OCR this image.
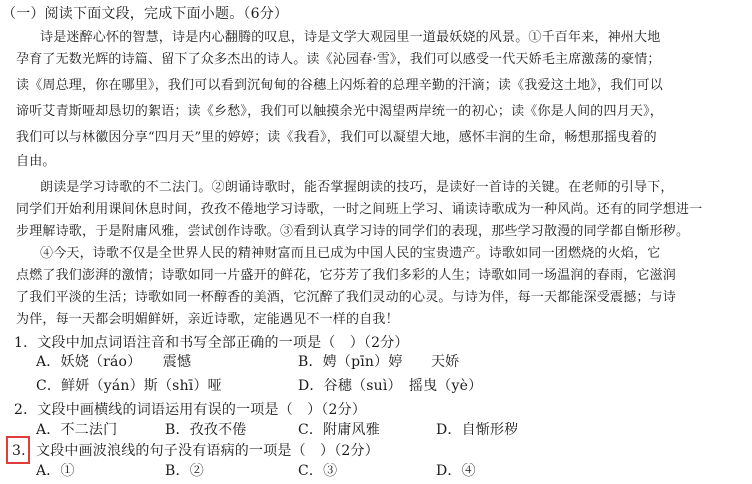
（一）阅读下面文段，完成下面小题。（6分）
诗是迷醉心怀的智慧，诗是内心翻腾的叹息，诗是文学大观园里一道最妖娆的风景。①千百年来，神州大地
孕育了无数光辉的诗篇、留下了众多杰出的诗人。读《沁园春·雪》，我们可以感受一代天娇毛主席激荡的豪情；
读《周总理，你在哪里》，我们可以看到沉甸甸的谷穗上闪烁着的总理辛勤的汗滴；读《我爱这土地》，我们可以
谛听艾青斯哑却恳切的絮语；读《乡愁》，我们可以触摸余光中渴望两岸统一的初心；读《你是人间的四月天》，
我们可以与林徽因分享“四月天”里的婷婷；读《我看》，我们可以凝望大地，感怀丰润的生命，畅想那摇曳着的
自由。
朗读是学习诗歌的不二法门。②朗诵诗歌时，能否掌握朗读的技巧，是读好一首诗的关键。在老师的引导下，
同学们开始利用课间休息时间，孜孜不倦地学习诗歌，一时之间班上学习、诵读诗歌成为一种风尚。还有的同学想进一
步理解诗歌，于是附庸风雅，尝试创作诗歌。③看到认真学习诗的同学们的表现，那些学习散漫的同学都自惭形秽。
④今天，诗歌不仅是全世界人民的精神财富而且已成为中国人民的宝贵遗产。诗歌如同一团燃烧的火焰，它
点燃了我们澎湃的激情；诗歌如同一片盛开的鲜花，它芬芳了我们多彩的人生；诗歌如同一场温润的春雨，它滋润
了我们平淡的生活；诗歌如同一杯醇香的美酒，它沉醉了我们灵动的心灵。与诗为伴，每一天都能深受震撼；与诗
为伴，每一天都会明媚鲜妍，亲近诗歌，定能遇见不一样的自我！
1．文段中加点词语注音和书写全部正确的一项是（　）（2分）
A．妖娆（ráo）　　震憾	B．娉（pīn）婷　　天娇
C．鲜妍（yán）斯（shī）哑	D．谷穗（suì）　摇曳（yè）
2．文段中画横线的词语运用有误的一项是（　）（2分）
A．不二法门	B．孜孜不倦	C．附庸风雅	D．自惭形秽
3. 文段中画波浪线的句子没有语病的一项是（　）（2分）
A．①	B．②	C．③	D．④
